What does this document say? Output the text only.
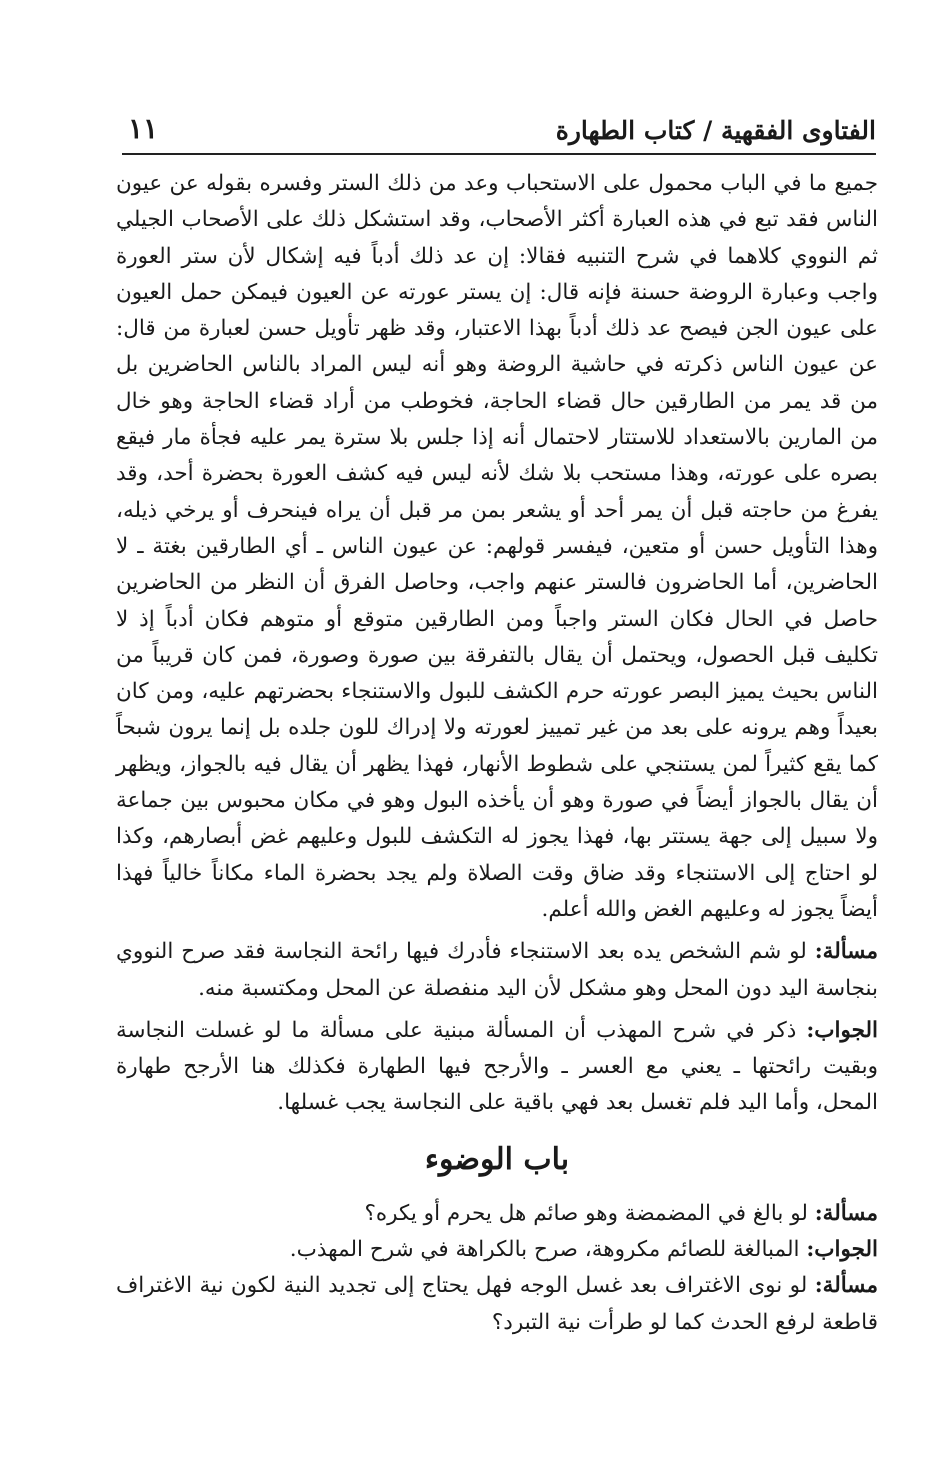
الفتاوى الفقهية / كتاب الطهارة
١١

جميع ما في الباب محمول على الاستحباب وعد من ذلك الستر وفسره بقوله عن عيون الناس فقد تبع في هذه العبارة أكثر الأصحاب، وقد استشكل ذلك على الأصحاب الجيلي ثم النووي كلاهما في شرح التنبيه فقالا: إن عد ذلك أدباً فيه إشكال لأن ستر العورة واجب وعبارة الروضة حسنة فإنه قال: إن يستر عورته عن العيون فيمكن حمل العيون على عيون الجن فيصح عد ذلك أدباً بهذا الاعتبار، وقد ظهر تأويل حسن لعبارة من قال: عن عيون الناس ذكرته في حاشية الروضة وهو أنه ليس المراد بالناس الحاضرين بل من قد يمر من الطارقين حال قضاء الحاجة، فخوطب من أراد قضاء الحاجة وهو خال من المارين بالاستعداد للاستتار لاحتمال أنه إذا جلس بلا سترة يمر عليه فجأة مار فيقع بصره على عورته، وهذا مستحب بلا شك لأنه ليس فيه كشف العورة بحضرة أحد، وقد يفرغ من حاجته قبل أن يمر أحد أو يشعر بمن مر قبل أن يراه فينحرف أو يرخي ذيله، وهذا التأويل حسن أو متعين، فيفسر قولهم: عن عيون الناس ـ أي الطارقين بغتة ـ لا الحاضرين، أما الحاضرون فالستر عنهم واجب، وحاصل الفرق أن النظر من الحاضرين حاصل في الحال فكان الستر واجباً ومن الطارقين متوقع أو متوهم فكان أدباً إذ لا تكليف قبل الحصول، ويحتمل أن يقال بالتفرقة بين صورة وصورة، فمن كان قريباً من الناس بحيث يميز البصر عورته حرم الكشف للبول والاستنجاء بحضرتهم عليه، ومن كان بعيداً وهم يرونه على بعد من غير تمييز لعورته ولا إدراك للون جلده بل إنما يرون شبحاً كما يقع كثيراً لمن يستنجي على شطوط الأنهار، فهذا يظهر أن يقال فيه بالجواز، ويظهر أن يقال بالجواز أيضاً في صورة وهو أن يأخذه البول وهو في مكان محبوس بين جماعة ولا سبيل إلى جهة يستتر بها، فهذا يجوز له التكشف للبول وعليهم غض أبصارهم، وكذا لو احتاج إلى الاستنجاء وقد ضاق وقت الصلاة ولم يجد بحضرة الماء مكاناً خالياً فهذا أيضاً يجوز له وعليهم الغض والله أعلم.

مسألة: لو شم الشخص يده بعد الاستنجاء فأدرك فيها رائحة النجاسة فقد صرح النووي بنجاسة اليد دون المحل وهو مشكل لأن اليد منفصلة عن المحل ومكتسبة منه.

الجواب: ذكر في شرح المهذب أن المسألة مبنية على مسألة ما لو غسلت النجاسة وبقيت رائحتها ـ يعني مع العسر ـ والأرجح فيها الطهارة فكذلك هنا الأرجح طهارة المحل، وأما اليد فلم تغسل بعد فهي باقية على النجاسة يجب غسلها.

باب الوضوء

مسألة: لو بالغ في المضمضة وهو صائم هل يحرم أو يكره؟

الجواب: المبالغة للصائم مكروهة، صرح بالكراهة في شرح المهذب.

مسألة: لو نوى الاغتراف بعد غسل الوجه فهل يحتاج إلى تجديد النية لكون نية الاغتراف قاطعة لرفع الحدث كما لو طرأت نية التبرد؟
